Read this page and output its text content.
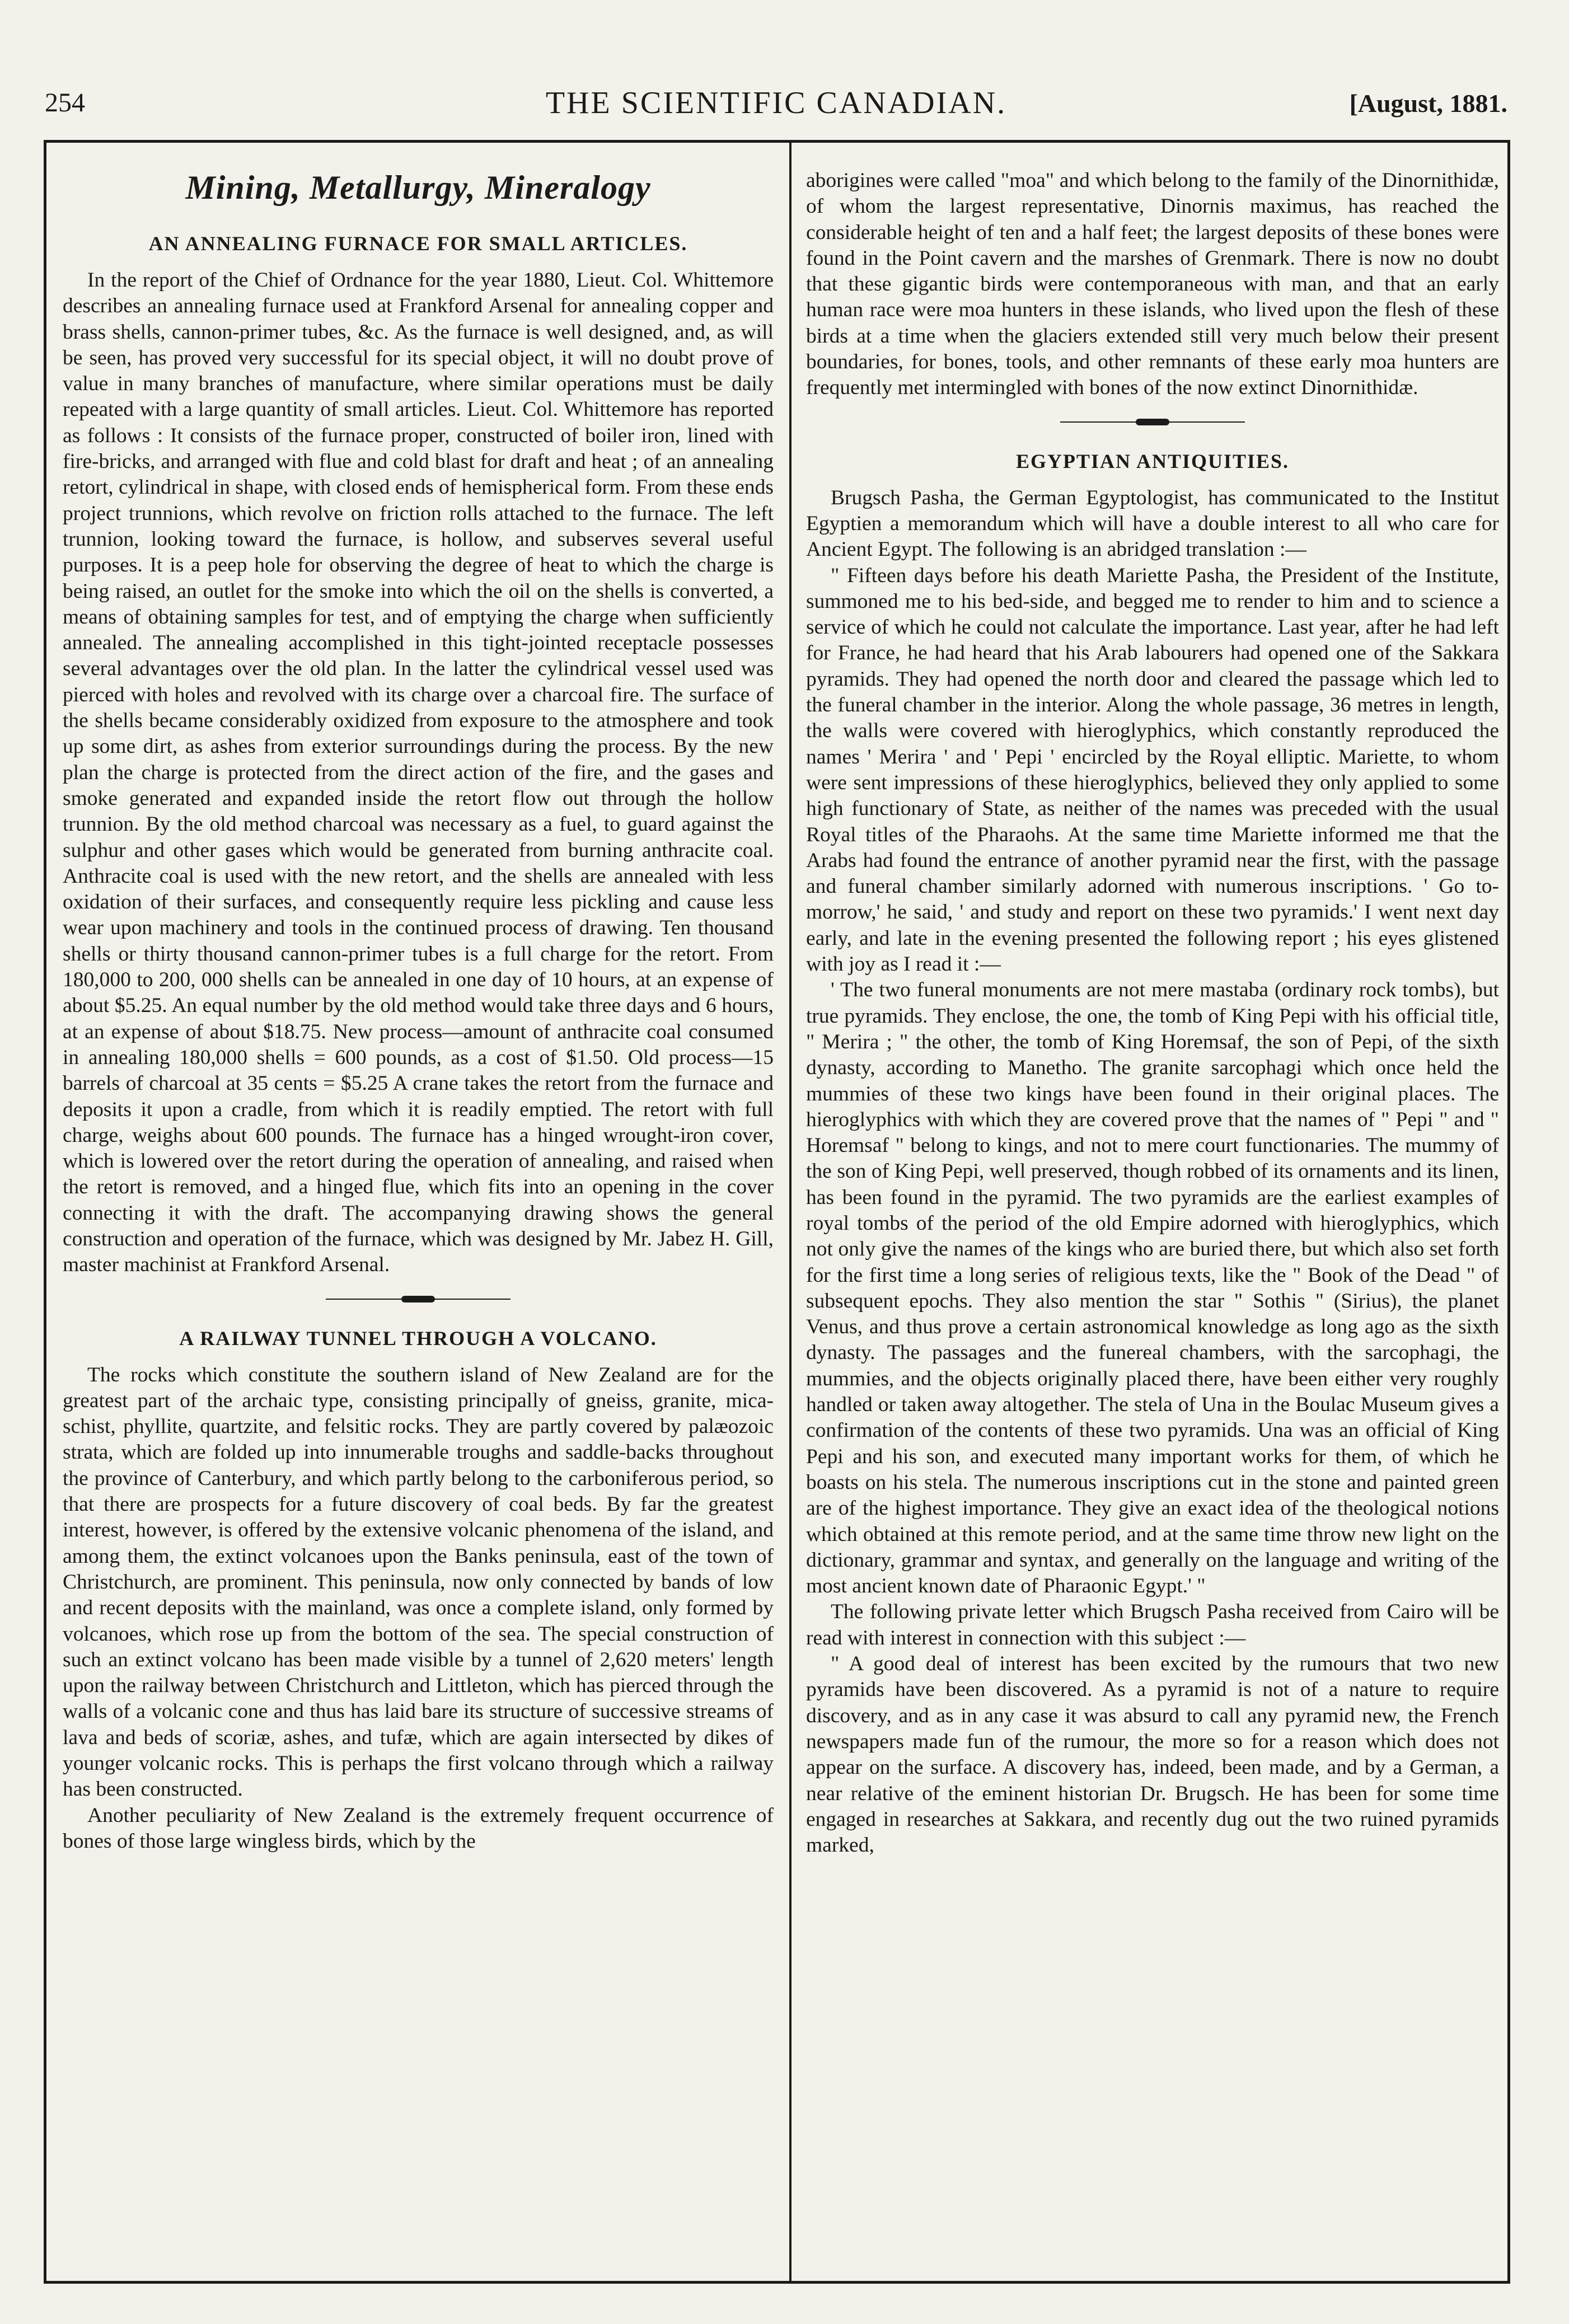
254	THE SCIENTIFIC CANADIAN.	[August, 1881.
Mining, Metallurgy, Mineralogy
AN ANNEALING FURNACE FOR SMALL ARTICLES.

In the report of the Chief of Ordnance for the year 1880, Lieut. Col. Whittemore describes an annealing furnace used at Frankford Arsenal for annealing copper and brass shells, cannon-primer tubes, &c. As the furnace is well designed, and, as will be seen, has proved very successful for its special object, it will no doubt prove of value in many branches of manufacture, where similar operations must be daily repeated with a large quantity of small articles. Lieut. Col. Whittemore has reported as follows : It consists of the furnace proper, constructed of boiler iron, lined with fire-bricks, and arranged with flue and cold blast for draft and heat ; of an annealing retort, cylindrical in shape, with closed ends of hemispherical form. From these ends project trunnions, which revolve on friction rolls attached to the furnace. The left trunnion, looking toward the furnace, is hollow, and subserves several useful purposes. It is a peep hole for observing the degree of heat to which the charge is being raised, an outlet for the smoke into which the oil on the shells is converted, a means of obtaining samples for test, and of emptying the charge when sufficiently annealed. The annealing accomplished in this tight-jointed receptacle possesses several advantages over the old plan. In the latter the cylindrical vessel used was pierced with holes and revolved with its charge over a charcoal fire. The surface of the shells became considerably oxidized from exposure to the atmosphere and took up some dirt, as ashes from exterior surroundings during the process. By the new plan the charge is protected from the direct action of the fire, and the gases and smoke generated and expanded inside the retort flow out through the hollow trunnion. By the old method charcoal was necessary as a fuel, to guard against the sulphur and other gases which would be generated from burning anthracite coal. Anthracite coal is used with the new retort, and the shells are annealed with less oxidation of their surfaces, and consequently require less pickling and cause less wear upon machinery and tools in the continued process of drawing. Ten thousand shells or thirty thousand cannon-primer tubes is a full charge for the retort. From 180,000 to 200, 000 shells can be annealed in one day of 10 hours, at an expense of about $5.25. An equal number by the old method would take three days and 6 hours, at an expense of about $18.75. New process—amount of anthracite coal consumed in annealing 180,000 shells = 600 pounds, as a cost of $1.50. Old process—15 barrels of charcoal at 35 cents = $5.25 A crane takes the retort from the furnace and deposits it upon a cradle, from which it is readily emptied. The retort with full charge, weighs about 600 pounds. The furnace has a hinged wrought-iron cover, which is lowered over the retort during the operation of annealing, and raised when the retort is removed, and a hinged flue, which fits into an opening in the cover connecting it with the draft. The accompanying drawing shows the general construction and operation of the furnace, which was designed by Mr. Jabez H. Gill, master machinist at Frankford Arsenal.

A RAILWAY TUNNEL THROUGH A VOLCANO.

The rocks which constitute the southern island of New Zealand are for the greatest part of the archaic type, consisting principally of gneiss, granite, mica-schist, phyllite, quartzite, and felsitic rocks. They are partly covered by palæozoic strata, which are folded up into innumerable troughs and saddle-backs throughout the province of Canterbury, and which partly belong to the carboniferous period, so that there are prospects for a future discovery of coal beds. By far the greatest interest, however, is offered by the extensive volcanic phenomena of the island, and among them, the extinct volcanoes upon the Banks peninsula, east of the town of Christchurch, are prominent. This peninsula, now only connected by bands of low and recent deposits with the mainland, was once a complete island, only formed by volcanoes, which rose up from the bottom of the sea. The special construction of such an extinct volcano has been made visible by a tunnel of 2,620 meters' length upon the railway between Christchurch and Littleton, which has pierced through the walls of a volcanic cone and thus has laid bare its structure of successive streams of lava and beds of scoriæ, ashes, and tufæ, which are again intersected by dikes of younger volcanic rocks. This is perhaps the first volcano through which a railway has been constructed.

Another peculiarity of New Zealand is the extremely frequent occurrence of bones of those large wingless birds, which by the

aborigines were called "moa" and which belong to the family of the Dinornithidæ, of whom the largest representative, Dinornis maximus, has reached the considerable height of ten and a half feet; the largest deposits of these bones were found in the Point cavern and the marshes of Grenmark. There is now no doubt that these gigantic birds were contemporaneous with man, and that an early human race were moa hunters in these islands, who lived upon the flesh of these birds at a time when the glaciers extended still very much below their present boundaries, for bones, tools, and other remnants of these early moa hunters are frequently met intermingled with bones of the now extinct Dinornithidæ.

EGYPTIAN ANTIQUITIES.

Brugsch Pasha, the German Egyptologist, has communicated to the Institut Egyptien a memorandum which will have a double interest to all who care for Ancient Egypt. The following is an abridged translation :—

" Fifteen days before his death Mariette Pasha, the President of the Institute, summoned me to his bed-side, and begged me to render to him and to science a service of which he could not calculate the importance. Last year, after he had left for France, he had heard that his Arab labourers had opened one of the Sakkara pyramids. They had opened the north door and cleared the passage which led to the funeral chamber in the interior. Along the whole passage, 36 metres in length, the walls were covered with hieroglyphics, which constantly reproduced the names ' Merira ' and ' Pepi ' encircled by the Royal elliptic. Mariette, to whom were sent impressions of these hieroglyphics, believed they only applied to some high functionary of State, as neither of the names was preceded with the usual Royal titles of the Pharaohs. At the same time Mariette informed me that the Arabs had found the entrance of another pyramid near the first, with the passage and funeral chamber similarly adorned with numerous inscriptions. ' Go to-morrow,' he said, ' and study and report on these two pyramids.' I went next day early, and late in the evening presented the following report ; his eyes glistened with joy as I read it :—

' The two funeral monuments are not mere mastaba (ordinary rock tombs), but true pyramids. They enclose, the one, the tomb of King Pepi with his official title, " Merira ; " the other, the tomb of King Horemsaf, the son of Pepi, of the sixth dynasty, according to Manetho. The granite sarcophagi which once held the mummies of these two kings have been found in their original places. The hieroglyphics with which they are covered prove that the names of " Pepi " and " Horemsaf " belong to kings, and not to mere court functionaries. The mummy of the son of King Pepi, well preserved, though robbed of its ornaments and its linen, has been found in the pyramid. The two pyramids are the earliest examples of royal tombs of the period of the old Empire adorned with hieroglyphics, which not only give the names of the kings who are buried there, but which also set forth for the first time a long series of religious texts, like the " Book of the Dead " of subsequent epochs. They also mention the star " Sothis " (Sirius), the planet Venus, and thus prove a certain astronomical knowledge as long ago as the sixth dynasty. The passages and the funereal chambers, with the sarcophagi, the mummies, and the objects originally placed there, have been either very roughly handled or taken away altogether. The stela of Una in the Boulac Museum gives a confirmation of the contents of these two pyramids. Una was an official of King Pepi and his son, and executed many important works for them, of which he boasts on his stela. The numerous inscriptions cut in the stone and painted green are of the highest importance. They give an exact idea of the theological notions which obtained at this remote period, and at the same time throw new light on the dictionary, grammar and syntax, and generally on the language and writing of the most ancient known date of Pharaonic Egypt.' "

The following private letter which Brugsch Pasha received from Cairo will be read with interest in connection with this subject :—

" A good deal of interest has been excited by the rumours that two new pyramids have been discovered. As a pyramid is not of a nature to require discovery, and as in any case it was absurd to call any pyramid new, the French newspapers made fun of the rumour, the more so for a reason which does not appear on the surface. A discovery has, indeed, been made, and by a German, a near relative of the eminent historian Dr. Brugsch. He has been for some time engaged in researches at Sakkara, and recently dug out the two ruined pyramids marked,
